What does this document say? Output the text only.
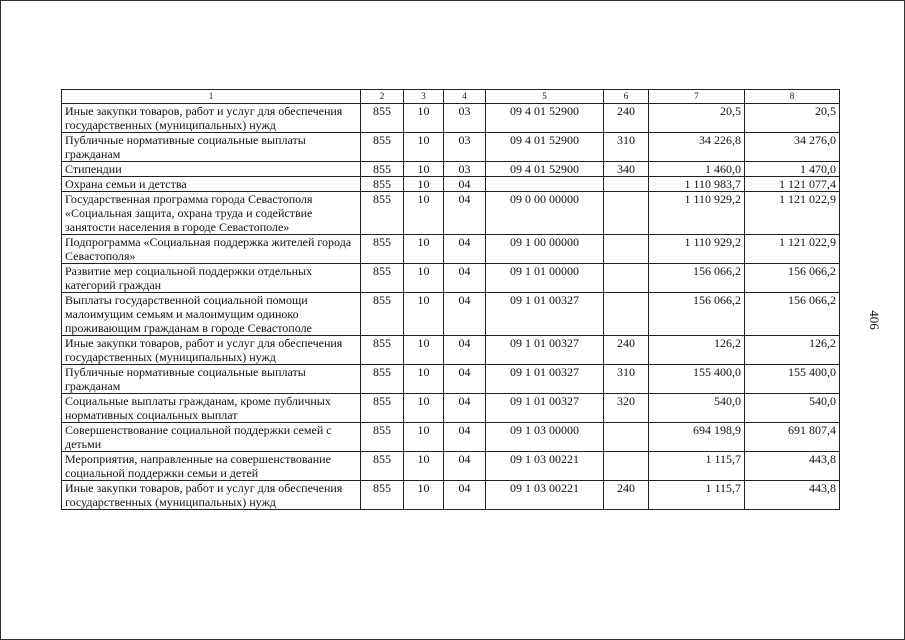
1	2	3	4	5	6	7	8
Иные закупки товаров, работ и услуг для обеспечения государственных (муниципальных) нужд	855	10	03	09 4 01 52900	240	20,5	20,5
Публичные нормативные социальные выплаты гражданам	855	10	03	09 4 01 52900	310	34 226,8	34 276,0
Стипендии	855	10	03	09 4 01 52900	340	1 460,0	1 470,0
Охрана семьи и детства	855	10	04			1 110 983,7	1 121 077,4
Государственная программа города Севастополя «Социальная защита, охрана труда и содействие занятости населения в городе Севастополе»	855	10	04	09 0 00 00000		1 110 929,2	1 121 022,9
Подпрограмма «Социальная поддержка жителей города Севастополя»	855	10	04	09 1 00 00000		1 110 929,2	1 121 022,9
Развитие мер социальной поддержки отдельных категорий граждан	855	10	04	09 1 01 00000		156 066,2	156 066,2
Выплаты государственной социальной помощи малоимущим семьям и малоимущим одиноко проживающим гражданам в городе Севастополе	855	10	04	09 1 01 00327		156 066,2	156 066,2
Иные закупки товаров, работ и услуг для обеспечения государственных (муниципальных) нужд	855	10	04	09 1 01 00327	240	126,2	126,2
Публичные нормативные социальные выплаты гражданам	855	10	04	09 1 01 00327	310	155 400,0	155 400,0
Социальные выплаты гражданам, кроме публичных нормативных социальных выплат	855	10	04	09 1 01 00327	320	540,0	540,0
Совершенствование социальной поддержки семей с детьми	855	10	04	09 1 03 00000		694 198,9	691 807,4
Мероприятия, направленные на совершенствование социальной поддержки семьи и детей	855	10	04	09 1 03 00221		1 115,7	443,8
Иные закупки товаров, работ и услуг для обеспечения государственных (муниципальных) нужд	855	10	04	09 1 03 00221	240	1 115,7	443,8
406
